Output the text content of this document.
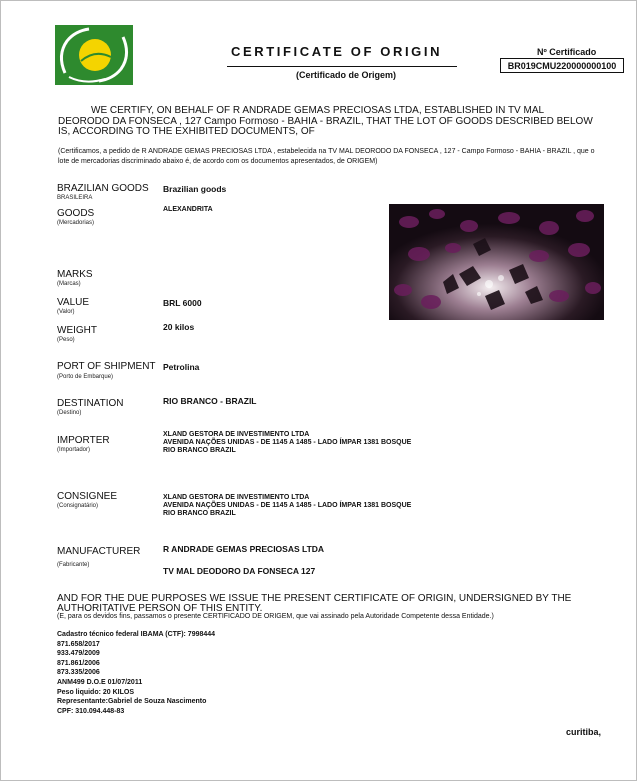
CERTIFICATE OF ORIGIN
(Certificado de Origem)
Nº Certificado
BR019CMU220000000100
WE CERTIFY, ON BEHALF OF R ANDRADE GEMAS PRECIOSAS LTDA, ESTABLISHED IN TV MAL DEORODO DA FONSECA , 127 Campo Formoso - BAHIA - BRAZIL, THAT THE LOT OF GOODS DESCRIBED BELOW IS, ACCORDING TO THE EXHIBITED DOCUMENTS, OF
(Certificamos, a pedido de R ANDRADE GEMAS PRECIOSAS LTDA , estabelecida na TV MAL DEORODO DA FONSECA , 127 - Campo Formoso - BAHIA - BRAZIL , que o lote de mercadorias discriminado abaixo é, de acordo com os documentos apresentados, de ORIGEM)
BRAZILIAN GOODS
BRASILEIRA
Brazilian goods
GOODS
(Mercadorias)
ALEXANDRITA
MARKS
(Marcas)
VALUE
(Valor)
BRL 6000
WEIGHT
(Peso)
20 kilos
PORT OF SHIPMENT
(Porto de Embarque)
Petrolina
DESTINATION
(Destino)
RIO BRANCO - BRAZIL
IMPORTER
(Importador)
XLAND GESTORA DE INVESTIMENTO LTDA
AVENIDA NAÇÕES UNIDAS - DE 1145 A 1485 - LADO ÍMPAR 1381 BOSQUE
RIO BRANCO BRAZIL
CONSIGNEE
(Consignatário)
XLAND GESTORA DE INVESTIMENTO LTDA
AVENIDA NAÇÕES UNIDAS - DE 1145 A 1485 - LADO ÍMPAR 1381 BOSQUE
RIO BRANCO BRAZIL
MANUFACTURER
(Fabricante)
R ANDRADE GEMAS PRECIOSAS LTDA
TV MAL DEODORO DA FONSECA 127
AND FOR THE DUE PURPOSES WE ISSUE THE PRESENT CERTIFICATE OF ORIGIN, UNDERSIGNED BY THE AUTHORITATIVE PERSON OF THIS ENTITY.
(E, para os devidos fins, passamos o presente CERTIFICADO DE ORIGEM, que vai assinado pela Autoridade Competente dessa Entidade.)
Cadastro técnico federal IBAMA (CTF): 7998444
871.658/2017
933.479/2009
871.861/2006
873.335/2006
ANM499 D.O.E 01/07/2011
Peso liquido: 20 KILOS
Representante:Gabriel de Souza Nascimento
CPF: 310.094.448-83
curitiba,
